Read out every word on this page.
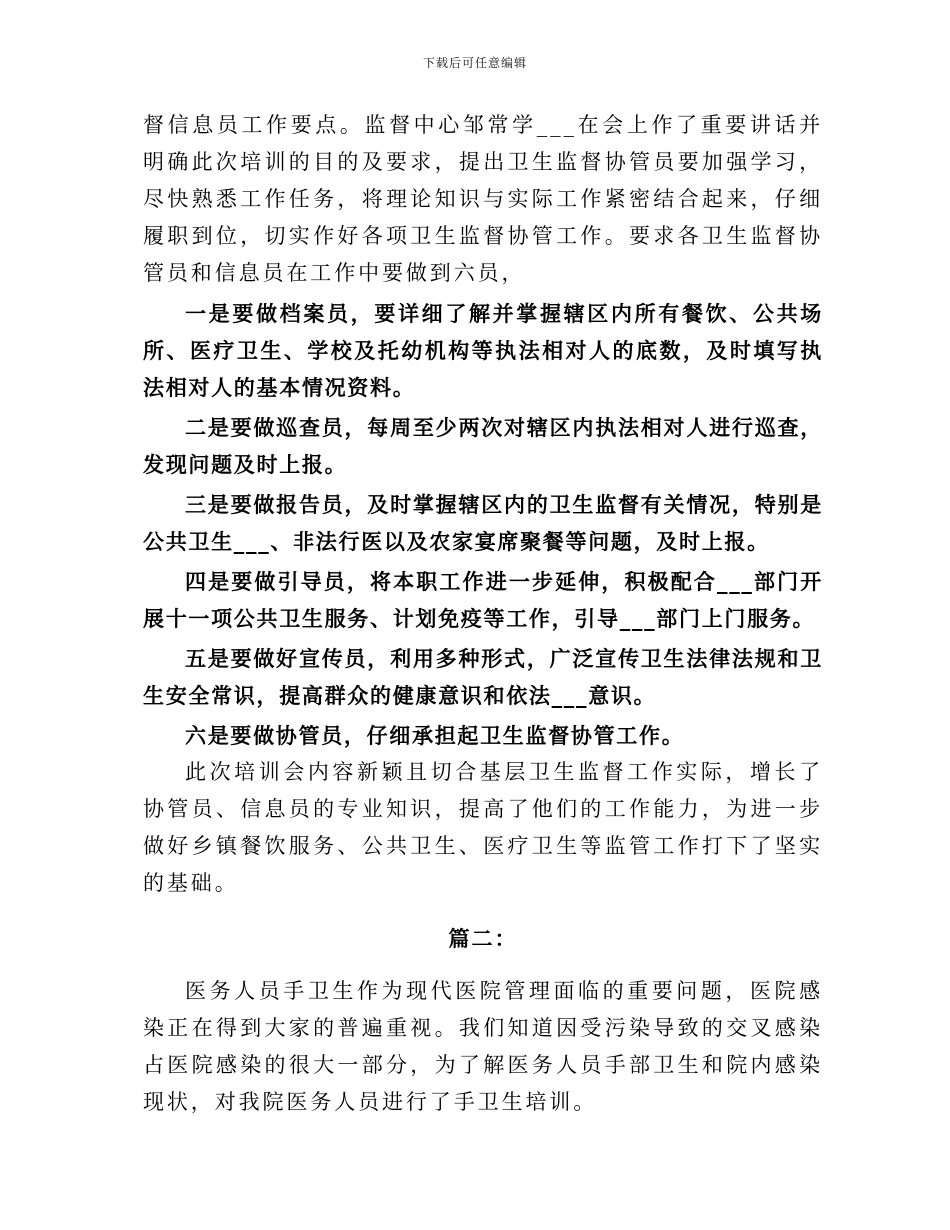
下载后可任意编辑

督信息员工作要点。监督中心邹常学___在会上作了重要讲话并明确此次培训的目的及要求，提出卫生监督协管员要加强学习，尽快熟悉工作任务，将理论知识与实际工作紧密结合起来，仔细履职到位，切实作好各项卫生监督协管工作。要求各卫生监督协管员和信息员在工作中要做到六员，

一是要做档案员，要详细了解并掌握辖区内所有餐饮、公共场所、医疗卫生、学校及托幼机构等执法相对人的底数，及时填写执法相对人的基本情况资料。

二是要做巡查员，每周至少两次对辖区内执法相对人进行巡查，发现问题及时上报。

三是要做报告员，及时掌握辖区内的卫生监督有关情况，特别是公共卫生___、非法行医以及农家宴席聚餐等问题，及时上报。

四是要做引导员，将本职工作进一步延伸，积极配合___部门开展十一项公共卫生服务、计划免疫等工作，引导___部门上门服务。

五是要做好宣传员，利用多种形式，广泛宣传卫生法律法规和卫生安全常识，提高群众的健康意识和依法___意识。

六是要做协管员，仔细承担起卫生监督协管工作。

此次培训会内容新颖且切合基层卫生监督工作实际，增长了协管员、信息员的专业知识，提高了他们的工作能力，为进一步做好乡镇餐饮服务、公共卫生、医疗卫生等监管工作打下了坚实的基础。

篇二：

医务人员手卫生作为现代医院管理面临的重要问题，医院感染正在得到大家的普遍重视。我们知道因受污染导致的交叉感染占医院感染的很大一部分，为了解医务人员手部卫生和院内感染现状，对我院医务人员进行了手卫生培训。
